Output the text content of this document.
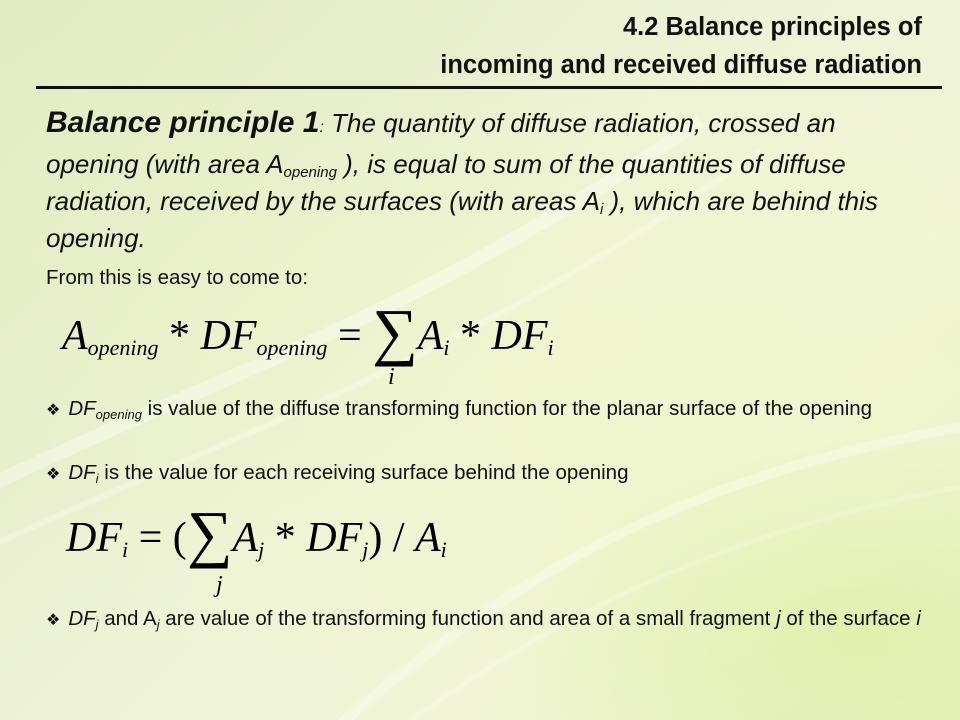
4.2 Balance principles of
incoming and received diffuse radiation
Balance principle 1: The quantity of diffuse radiation, crossed an opening (with area $A_{opening}$ ), is equal to sum of the quantities of diffuse radiation, received by the surfaces (with areas $A_i$ ), which are behind this opening.
From this is easy to come to:
$A_{opening} * DF_{opening} = \sum A_i * DF_i$
i
❖ $DF_{opening}$ is value of the diffuse transforming function for the planar surface of the opening
❖ $DF_i$ is the value for each receiving surface behind the opening
$DF_i = (\sum A_j * DF_j) / A_i$
j
❖ $DF_j$ and $A_j$ are value of the transforming function and area of a small fragment j of the surface i
